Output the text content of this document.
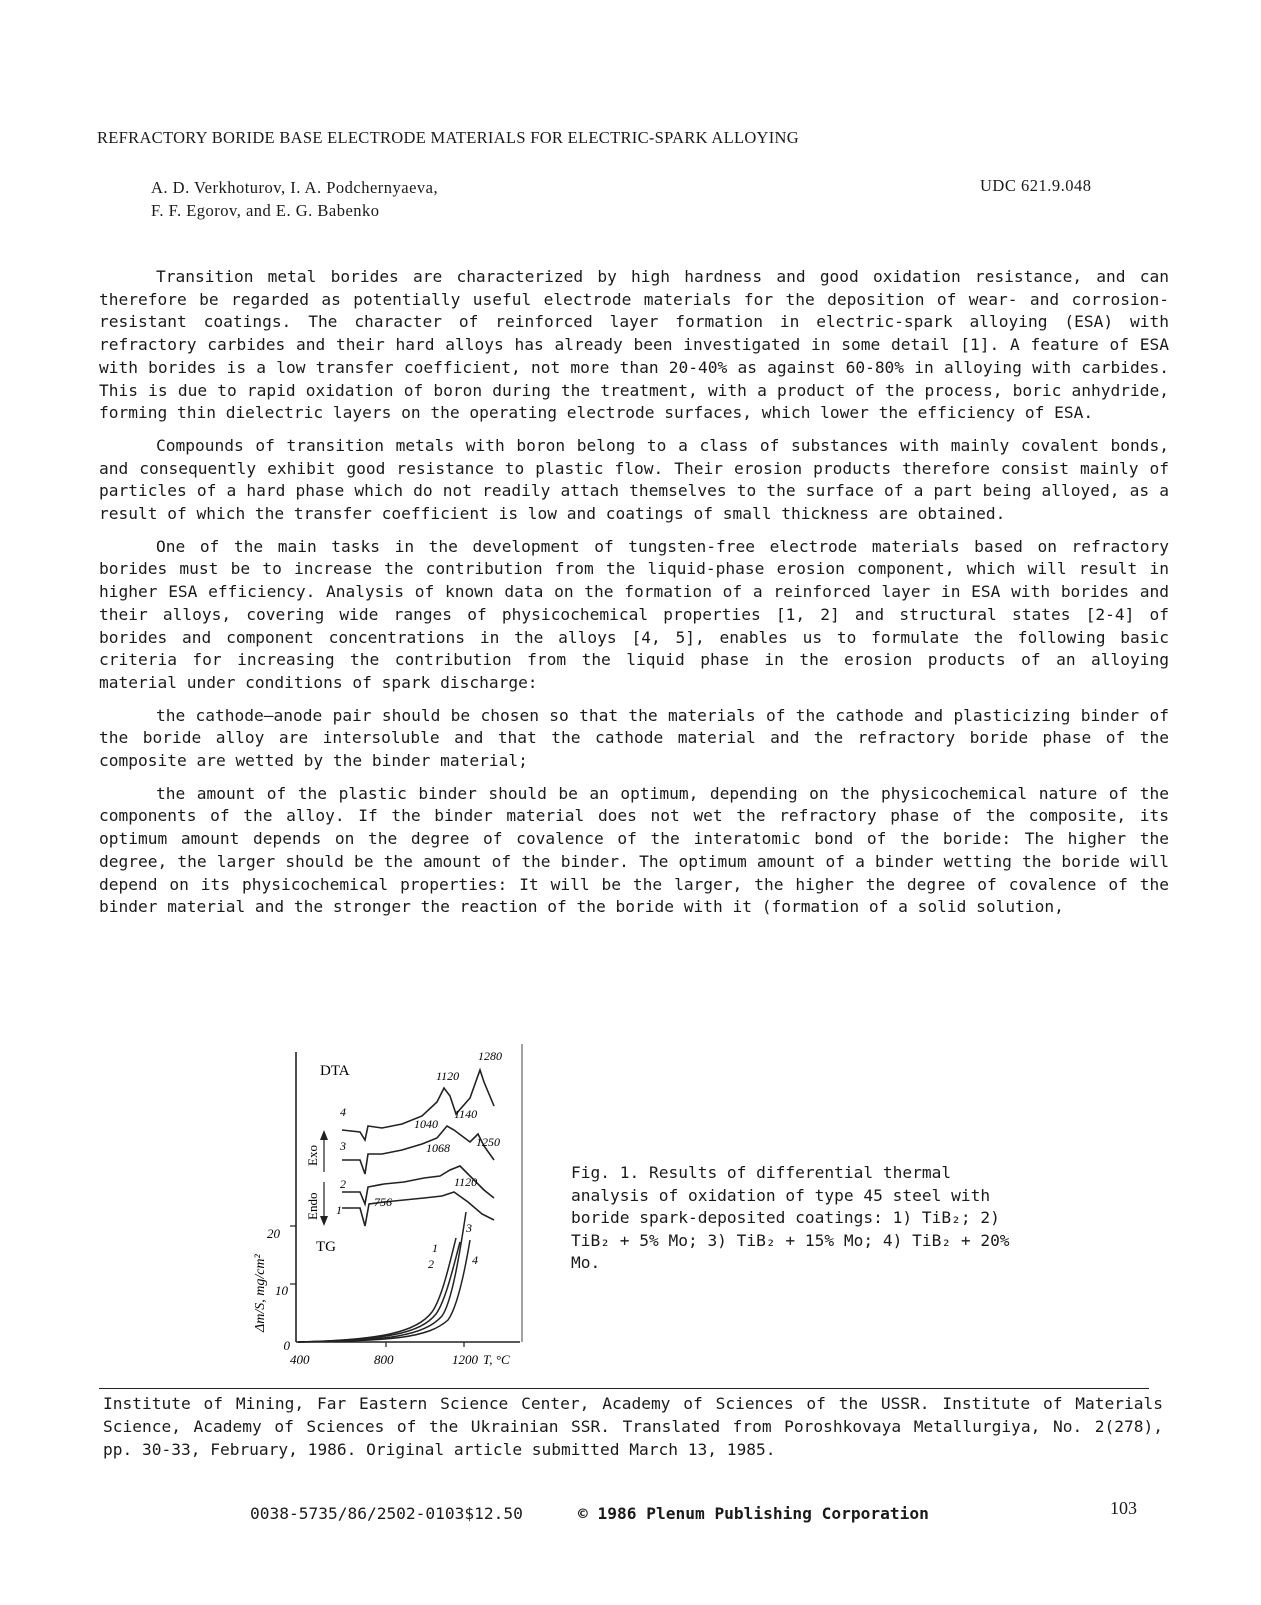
REFRACTORY BORIDE BASE ELECTRODE MATERIALS FOR ELECTRIC-SPARK ALLOYING
A. D. Verkhoturov, I. A. Podchernyaeva,
F. F. Egorov, and E. G. Babenko
UDC 621.9.048

Transition metal borides are characterized by high hardness and good oxidation resistance, and can therefore be regarded as potentially useful electrode materials for the deposition of wear- and corrosion-resistant coatings. The character of reinforced layer formation in electric-spark alloying (ESA) with refractory carbides and their hard alloys has already been investigated in some detail [1]. A feature of ESA with borides is a low transfer coefficient, not more than 20-40% as against 60-80% in alloying with carbides. This is due to rapid oxidation of boron during the treatment, with a product of the process, boric anhydride, forming thin dielectric layers on the operating electrode surfaces, which lower the efficiency of ESA.

Compounds of transition metals with boron belong to a class of substances with mainly covalent bonds, and consequently exhibit good resistance to plastic flow. Their erosion products therefore consist mainly of particles of a hard phase which do not readily attach themselves to the surface of a part being alloyed, as a result of which the transfer coefficient is low and coatings of small thickness are obtained.

One of the main tasks in the development of tungsten-free electrode materials based on refractory borides must be to increase the contribution from the liquid-phase erosion component, which will result in higher ESA efficiency. Analysis of known data on the formation of a reinforced layer in ESA with borides and their alloys, covering wide ranges of physicochemical properties [1, 2] and structural states [2-4] of borides and component concentrations in the alloys [4, 5], enables us to formulate the following basic criteria for increasing the contribution from the liquid phase in the erosion products of an alloying material under conditions of spark discharge:

the cathode—anode pair should be chosen so that the materials of the cathode and plasticizing binder of the boride alloy are intersoluble and that the cathode material and the refractory boride phase of the composite are wetted by the binder material;

the amount of the plastic binder should be an optimum, depending on the physicochemical nature of the components of the alloy. If the binder material does not wet the refractory phase of the composite, its optimum amount depends on the degree of covalence of the interatomic bond of the boride: The higher the degree, the larger should be the amount of the binder. The optimum amount of a binder wetting the boride will depend on its physicochemical properties: It will be the larger, the higher the degree of covalence of the binder material and the stronger the reaction of the boride with it (formation of a solid solution,

DTA
TG
20
10
0
400	800	1200 T, °C
Δm/S, mg/cm²
Exo
Endo
1280
1120
1040
1140
1068 1250
1120
756
4
3
2
1
1
2
3
4
Fig. 1. Results of differential thermal analysis of oxidation of type 45 steel with boride spark-deposited coatings: 1) TiB₂; 2) TiB₂ + 5% Mo; 3) TiB₂ + 15% Mo; 4) TiB₂ + 20% Mo.
Institute of Mining, Far Eastern Science Center, Academy of Sciences of the USSR. Institute of Materials Science, Academy of Sciences of the Ukrainian SSR. Translated from Poroshkovaya Metallurgiya, No. 2(278), pp. 30-33, February, 1986. Original article submitted March 13, 1985.
0038-5735/86/2502-0103$12.50	© 1986 Plenum Publishing Corporation	103
